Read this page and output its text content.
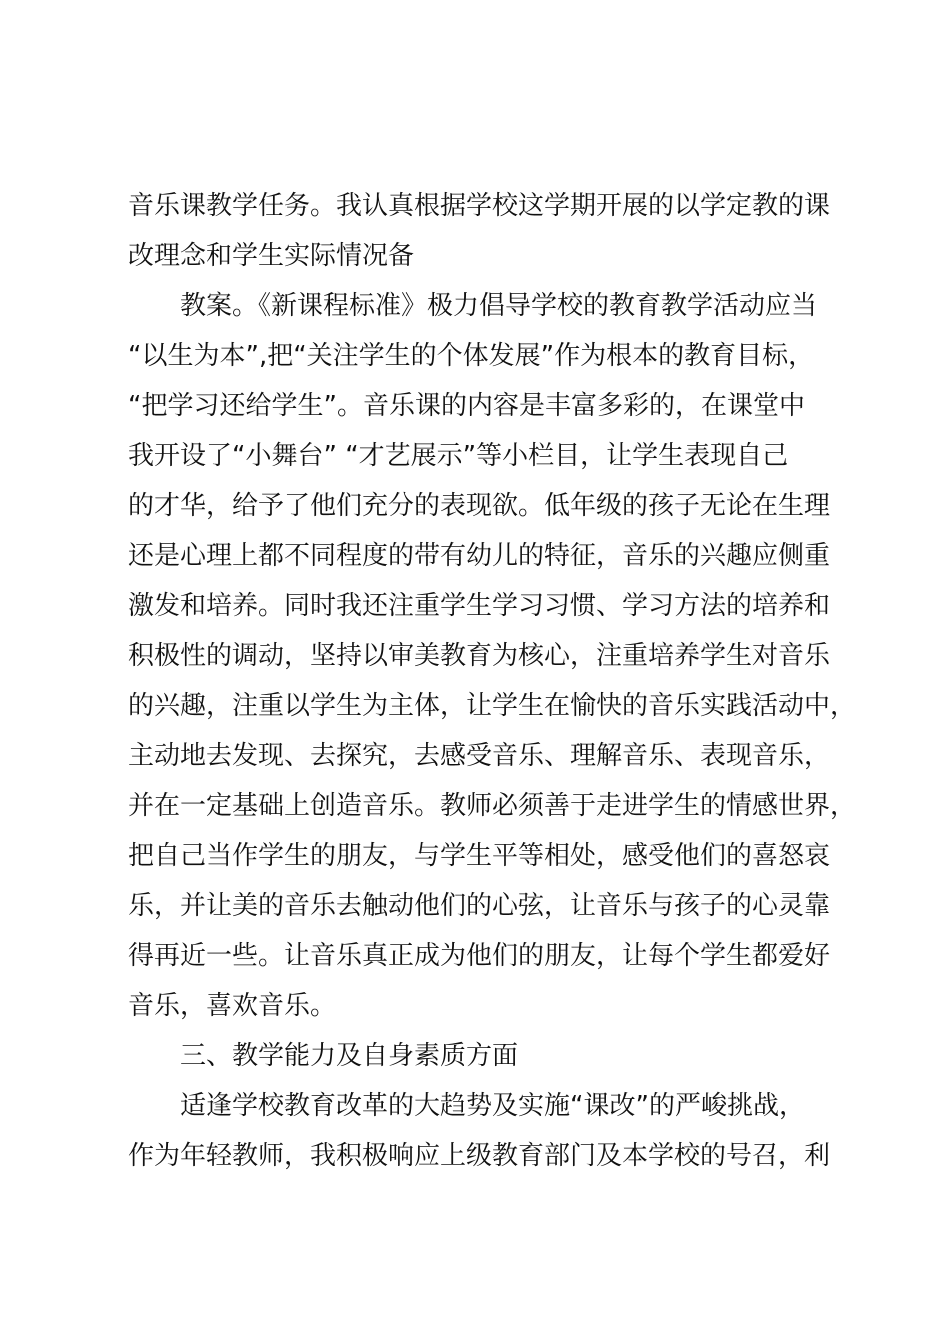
音乐课教学任务。我认真根据学校这学期开展的以学定教的课
改理念和学生实际情况备
教案。《新课程标准》极力倡导学校的教育教学活动应当
“以生为本”,把“关注学生的个体发展”作为根本的教育目标，
“把学习还给学生”。音乐课的内容是丰富多彩的，在课堂中
我开设了“小舞台” “才艺展示”等小栏目，让学生表现自己
的才华，给予了他们充分的表现欲。低年级的孩子无论在生理
还是心理上都不同程度的带有幼儿的特征，音乐的兴趣应侧重
激发和培养。同时我还注重学生学习习惯、学习方法的培养和
积极性的调动，坚持以审美教育为核心，注重培养学生对音乐
的兴趣，注重以学生为主体，让学生在愉快的音乐实践活动中，
主动地去发现、去探究，去感受音乐、理解音乐、表现音乐，
并在一定基础上创造音乐。教师必须善于走进学生的情感世界，
把自己当作学生的朋友，与学生平等相处，感受他们的喜怒哀
乐，并让美的音乐去触动他们的心弦，让音乐与孩子的心灵靠
得再近一些。让音乐真正成为他们的朋友，让每个学生都爱好
音乐，喜欢音乐。
三、教学能力及自身素质方面
适逢学校教育改革的大趋势及实施“课改”的严峻挑战，
作为年轻教师，我积极响应上级教育部门及本学校的号召，利
